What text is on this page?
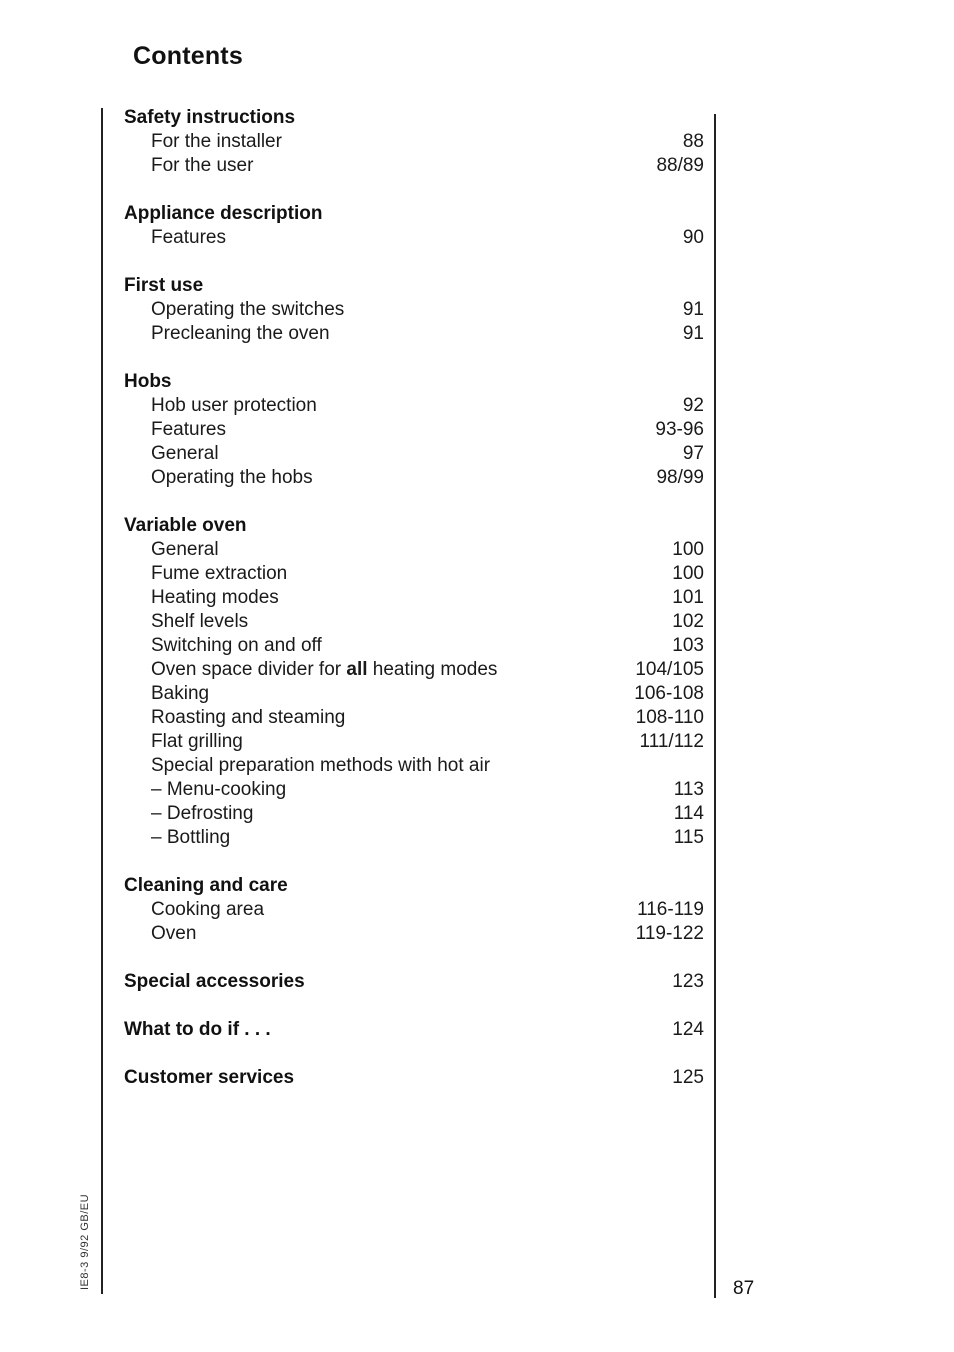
Contents
Safety instructions
For the installer	88
For the user	88/89
Appliance description
Features	90
First use
Operating the switches	91
Precleaning the oven	91
Hobs
Hob user protection	92
Features	93-96
General	97
Operating the hobs	98/99
Variable oven
General	100
Fume extraction	100
Heating modes	101
Shelf levels	102
Switching on and off	103
Oven space divider for all heating modes	104/105
Baking	106-108
Roasting and steaming	108-110
Flat grilling	111/112
Special preparation methods with hot air
– Menu-cooking	113
– Defrosting	114
– Bottling	115
Cleaning and care
Cooking area	116-119
Oven	119-122
Special accessories	123
What to do if . . .	124
Customer services	125
IE8-3 9/92 GB/EU	87
